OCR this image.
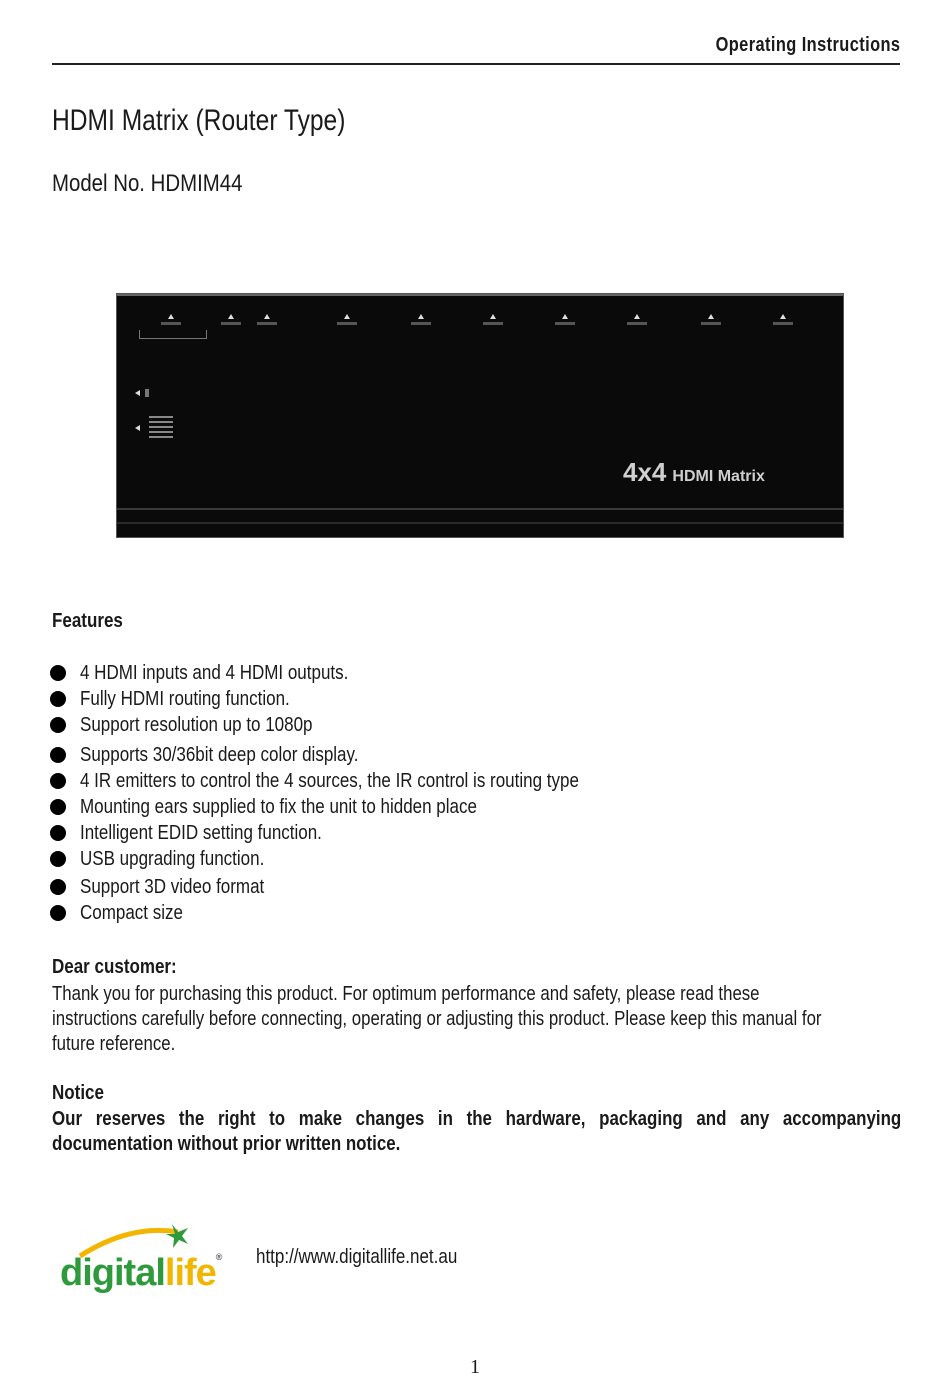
Operating Instructions
HDMI Matrix (Router Type)
Model No. HDMIM44
4x4 HDMI Matrix
Features
4 HDMI inputs and 4 HDMI outputs.
Fully HDMI routing function.
Support resolution up to 1080p
Supports 30/36bit deep color display.
4 IR emitters to control the 4 sources, the IR control is routing type
Mounting ears supplied to fix the unit to hidden place
Intelligent EDID setting function.
USB upgrading function.
Support 3D video format
Compact size
Dear customer:
Thank you for purchasing this product. For optimum performance and safety, please read these
instructions carefully before connecting, operating or adjusting this product. Please keep this manual for
future reference.
Notice
Our reserves the right to make changes in the hardware, packaging and any accompanying documentation without prior written notice.
digitallife® http://www.digitallife.net.au
1
